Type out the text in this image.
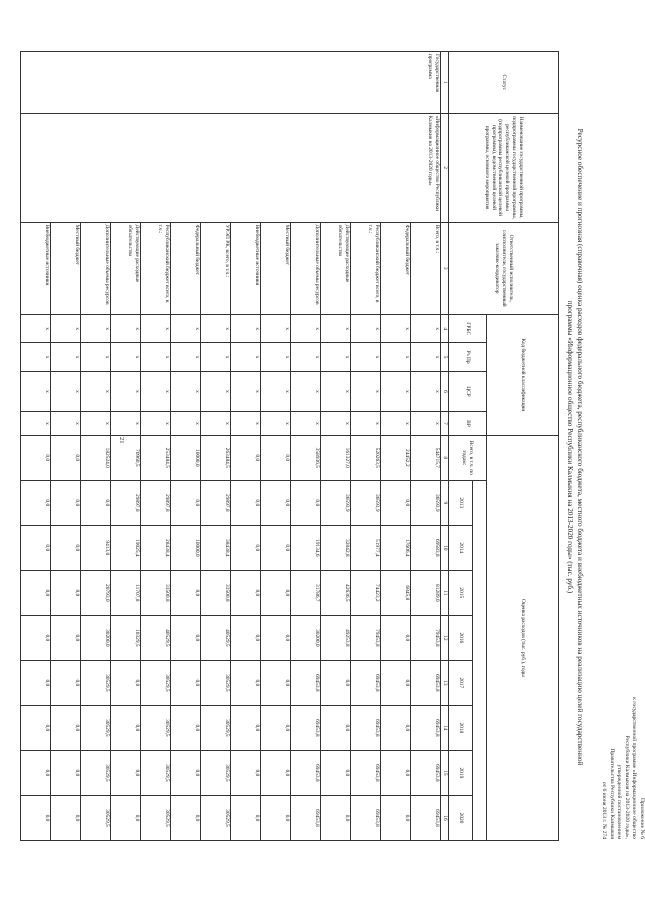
Приложение № 6
к государственной программе «Информационное общество
Республики Калмыкия на 2013-2020 годы»,
утвержденной постановлением
Правительства Республики Калмыкия
от 6 июня 2013 г. № 274
Ресурсное обеспечение и прогнозная (справочная) оценка расходов федерального бюджета, республиканского бюджета, местного бюджета и внебюджетных источников на реализацию целей государственной
программы «Информационное общество Республики Калмыкия на 2013-2020 годы» (тыс. руб.)
Статус	Наименование государственной программы, подпрограммы государственной программы, республиканской целевой программы (подпрограммы республиканской целевой программы), ведомственной целевой программы, основного мероприятия	Ответственный исполнитель, соисполнители, государственный заказчик-координатор	Код бюджетной классификации				Оценка расходов (тыс. руб.), годы								
			ГРБС	Рз Пр	ЦСР	ВР	Всего, в т.ч. по годам:								
								2013	2014	2015	2016	2017	2018	2019	2020
1	2	3	4	5	6	7	8	9	10	11	12	13	14	15	16
Государственная программа	«Информационное общество Республики Калмыкия на 2013-2020 годы»	Всего, в т.ч.:	x	x	x	x	544715,7	36593,9	69583,8	81289,0	79453,8	69453,8	69453,8	69453,8	69453,8
		Федеральный бюджет	x	x	x	x	24452,2	0,0	17606,4	6845,8	0,0	0,0	0,0	0,0	0,0
		Республиканский бюджет всего, в т.ч.:	x	x	x	x	520263,5	36593,9	51977,4	74423,2	79453,8	69453,8	69453,8	69453,8	69453,8
		Действующие расходные обязательства	x	x	x	x	161327,0	36593,9	32842,8	42636,5	49253,8	0,0	0,0	0,0	0,0
		Дополнительные объемы ресурсов	x	x	x	x	358936,5	0,0	19134,6	31786,7	30200,0	69453,8	69453,8	69453,8	69453,8
		Местный бюджет	x	x	x	x	0,0	0,0	0,0	0,0	0,0	0,0	0,0	0,0	0,0
		Внебюджетные источники	x	x	x	x	0,0	0,0	0,0	0,0	0,0	0,0	0,0	0,0	0,0
		УРЭП РК, всего, в т.ч.:	x	x	x	x	263484,5	29897,8	38438,4	33500,8	40529,5	30529,5	30529,5	30529,5	30529,5
		Федеральный бюджет	x	x	x	x	10000,0	0,0	10000,0	0,0	0,0	0,0	0,0	0,0	0,0
		Республиканский бюджет всего, в т.ч.:	x	x	x	x	253484,5	29897,8	28438,4	33500,8	40529,5	30529,5	30529,5	30529,5	30529,5
		Действующие расходные обязательства	x	x	x	x	70960,5	29897,8	19025,4	11707,8	10329,5	0,0	0,0	0,0	0,0
		Дополнительные объемы ресурсов	x	x	x	x	182524,0	0,0	9413,0	20793,0	30200,0	30529,5	30529,5	30529,5	30529,5
		Местный бюджет	x	x	x	x	0,0	0,0	0,0	0,0	0,0	0,0	0,0	0,0	0,0
		Внебюджетные источники	x	x	x	x	0,0	0,0	0,0	0,0	0,0	0,0	0,0	0,0	0,0
21
